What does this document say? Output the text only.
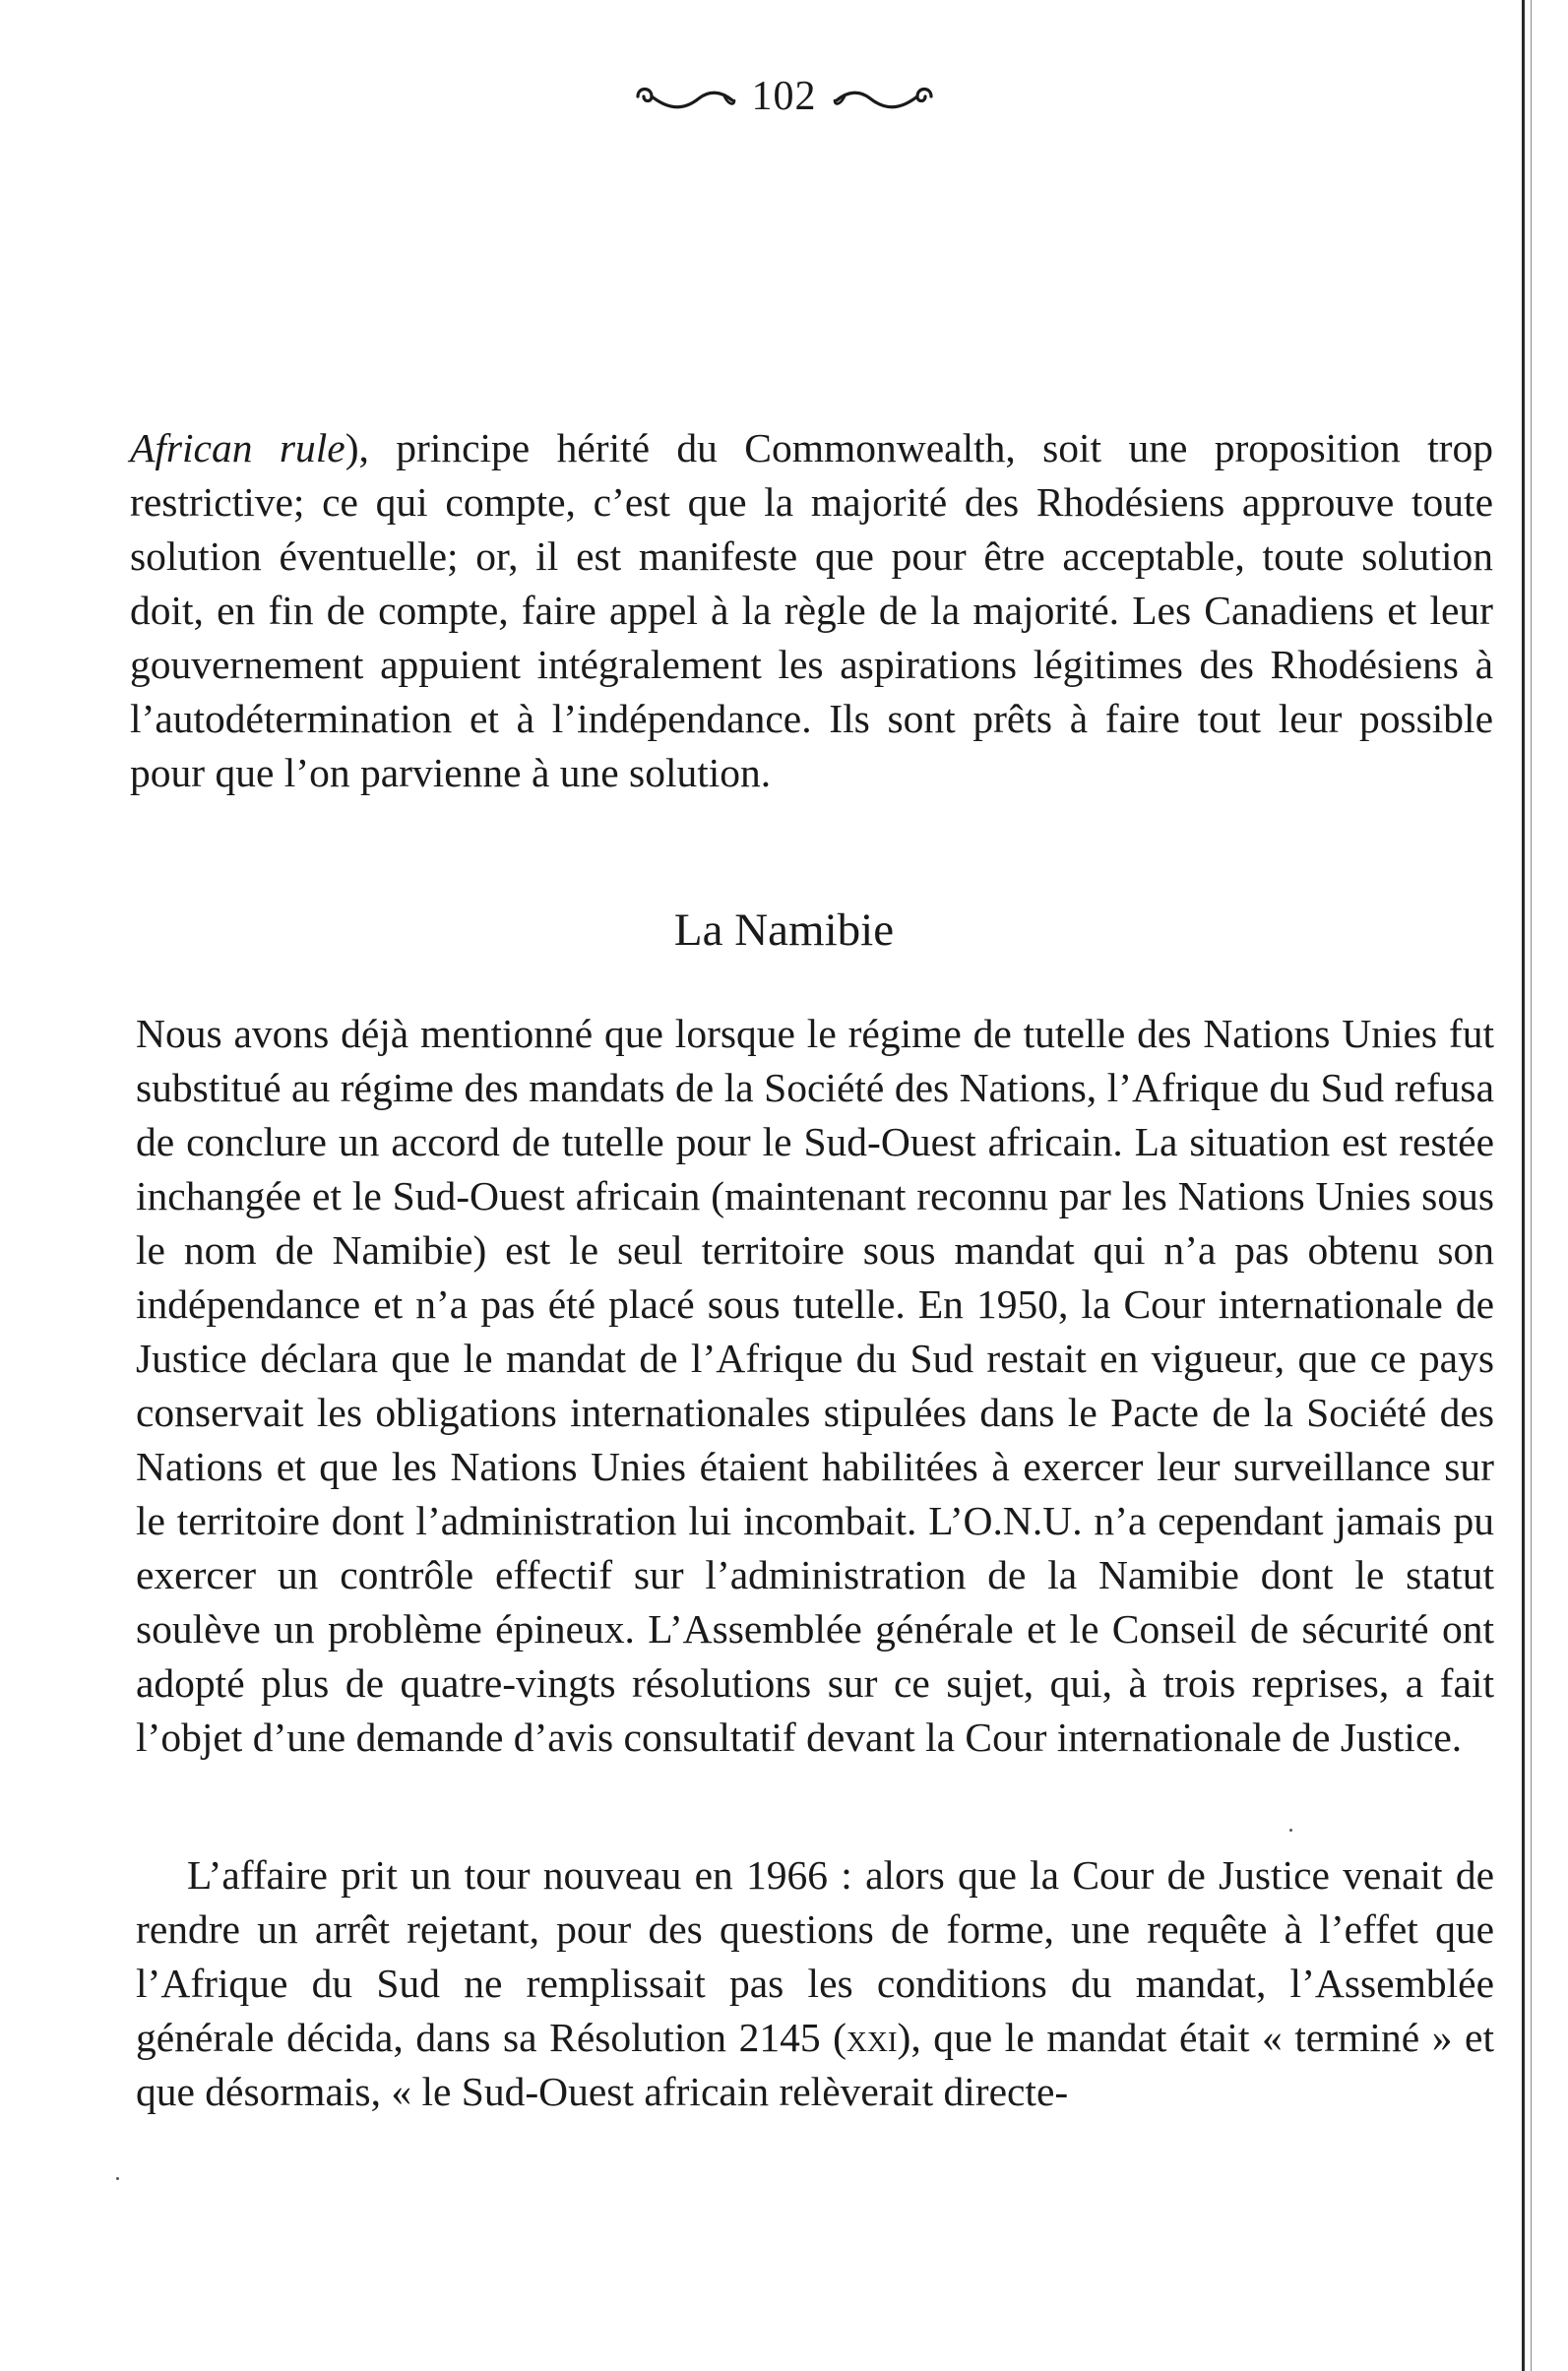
102

African rule), principe hérité du Commonwealth, soit une proposition trop restrictive; ce qui compte, c’est que la majorité des Rhodésiens approuve toute solution éventuelle; or, il est manifeste que pour être acceptable, toute solution doit, en fin de compte, faire appel à la règle de la majorité. Les Canadiens et leur gouvernement appuient intégralement les aspirations légitimes des Rhodésiens à l’autodétermination et à l’indépendance. Ils sont prêts à faire tout leur possible pour que l’on parvienne à une solution.

La Namibie

Nous avons déjà mentionné que lorsque le régime de tutelle des Nations Unies fut substitué au régime des mandats de la Société des Nations, l’Afrique du Sud refusa de conclure un accord de tutelle pour le Sud-Ouest africain. La situation est restée inchangée et le Sud-Ouest africain (maintenant reconnu par les Nations Unies sous le nom de Namibie) est le seul territoire sous mandat qui n’a pas obtenu son indépendance et n’a pas été placé sous tutelle. En 1950, la Cour internationale de Justice déclara que le mandat de l’Afrique du Sud restait en vigueur, que ce pays conservait les obligations internationales stipulées dans le Pacte de la Société des Nations et que les Nations Unies étaient habilitées à exercer leur surveillance sur le territoire dont l’administration lui incombait. L’O.N.U. n’a cependant jamais pu exercer un contrôle effectif sur l’administration de la Namibie dont le statut soulève un problème épineux. L’Assemblée générale et le Conseil de sécurité ont adopté plus de quatre-vingts résolutions sur ce sujet, qui, à trois reprises, a fait l’objet d’une demande d’avis consultatif devant la Cour internationale de Justice.

L’affaire prit un tour nouveau en 1966 : alors que la Cour de Justice venait de rendre un arrêt rejetant, pour des questions de forme, une requête à l’effet que l’Afrique du Sud ne remplissait pas les conditions du mandat, l’Assemblée générale décida, dans sa Résolution 2145 (xxi), que le mandat était « terminé » et que désormais, « le Sud-Ouest africain relèverait directe-
